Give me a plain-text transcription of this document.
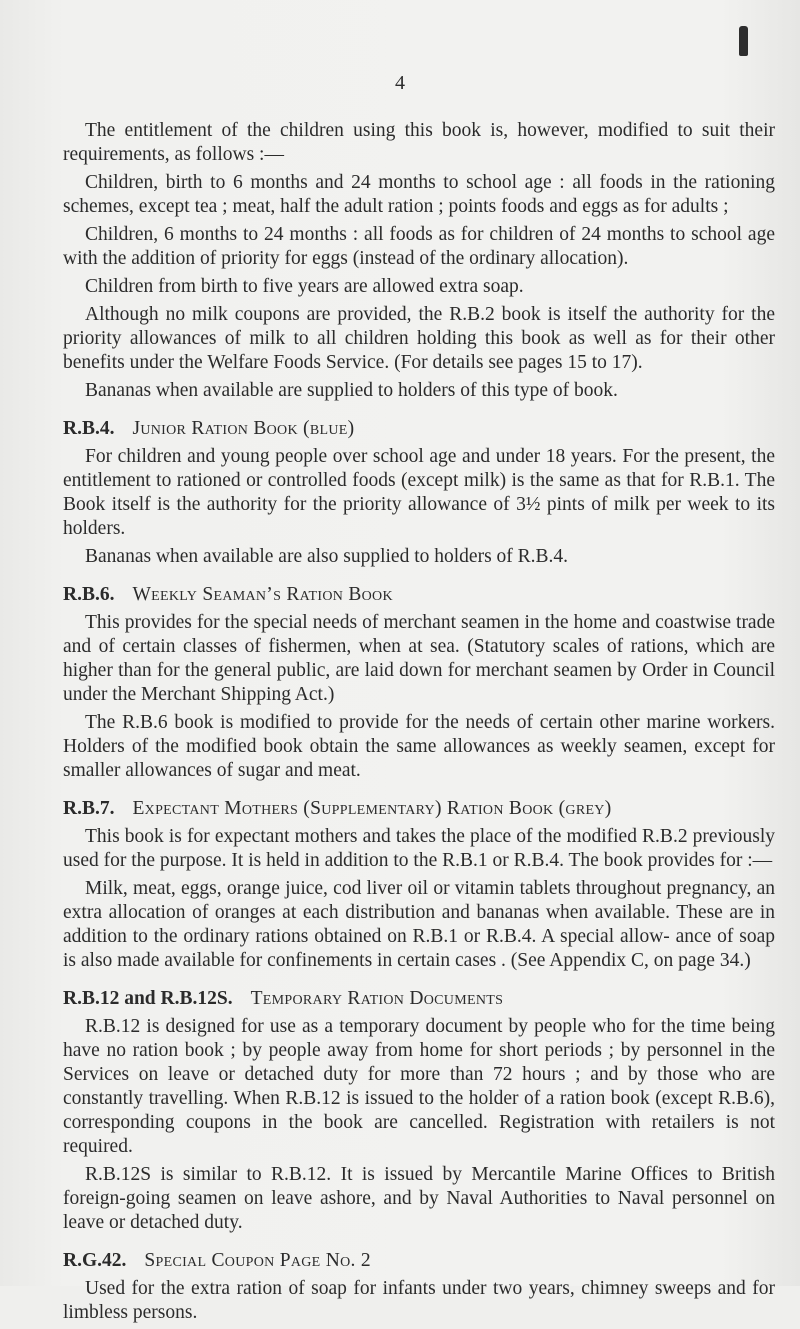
4

The entitlement of the children using this book is, however, modified to suit their requirements, as follows :—

Children, birth to 6 months and 24 months to school age : all foods in the rationing schemes, except tea ; meat, half the adult ration ; points foods and eggs as for adults ;

Children, 6 months to 24 months : all foods as for children of 24 months to school age with the addition of priority for eggs (instead of the ordinary allocation).

Children from birth to five years are allowed extra soap.

Although no milk coupons are provided, the R.B.2 book is itself the authority for the priority allowances of milk to all children holding this book as well as for their other benefits under the Welfare Foods Service. (For details see pages 15 to 17).

Bananas when available are supplied to holders of this type of book.

R.B.4. Junior Ration Book (blue)

For children and young people over school age and under 18 years. For the present, the entitlement to rationed or controlled foods (except milk) is the same as that for R.B.1. The Book itself is the authority for the priority allowance of 3½ pints of milk per week to its holders.

Bananas when available are also supplied to holders of R.B.4.

R.B.6. Weekly Seaman’s Ration Book

This provides for the special needs of merchant seamen in the home and coastwise trade and of certain classes of fishermen, when at sea. (Statutory scales of rations, which are higher than for the general public, are laid down for merchant seamen by Order in Council under the Merchant Shipping Act.)

The R.B.6 book is modified to provide for the needs of certain other marine workers. Holders of the modified book obtain the same allowances as weekly seamen, except for smaller allowances of sugar and meat.

R.B.7. Expectant Mothers (Supplementary) Ration Book (grey)

This book is for expectant mothers and takes the place of the modified R.B.2 previously used for the purpose. It is held in addition to the R.B.1 or R.B.4. The book provides for :—

Milk, meat, eggs, orange juice, cod liver oil or vitamin tablets throughout pregnancy, an extra allocation of oranges at each distribution and bananas when available. These are in addition to the ordinary rations obtained on R.B.1 or R.B.4. A special allow- ance of soap is also made available for confinements in certain cases . (See Appendix C, on page 34.)

R.B.12 and R.B.12S. Temporary Ration Documents

R.B.12 is designed for use as a temporary document by people who for the time being have no ration book ; by people away from home for short periods ; by personnel in the Services on leave or detached duty for more than 72 hours ; and by those who are constantly travelling. When R.B.12 is issued to the holder of a ration book (except R.B.6), corresponding coupons in the book are cancelled. Registration with retailers is not required.

R.B.12S is similar to R.B.12. It is issued by Mercantile Marine Offices to British foreign-going seamen on leave ashore, and by Naval Authorities to Naval personnel on leave or detached duty.

R.G.42. Special Coupon Page No. 2

Used for the extra ration of soap for infants under two years, chimney sweeps and for limbless persons.
